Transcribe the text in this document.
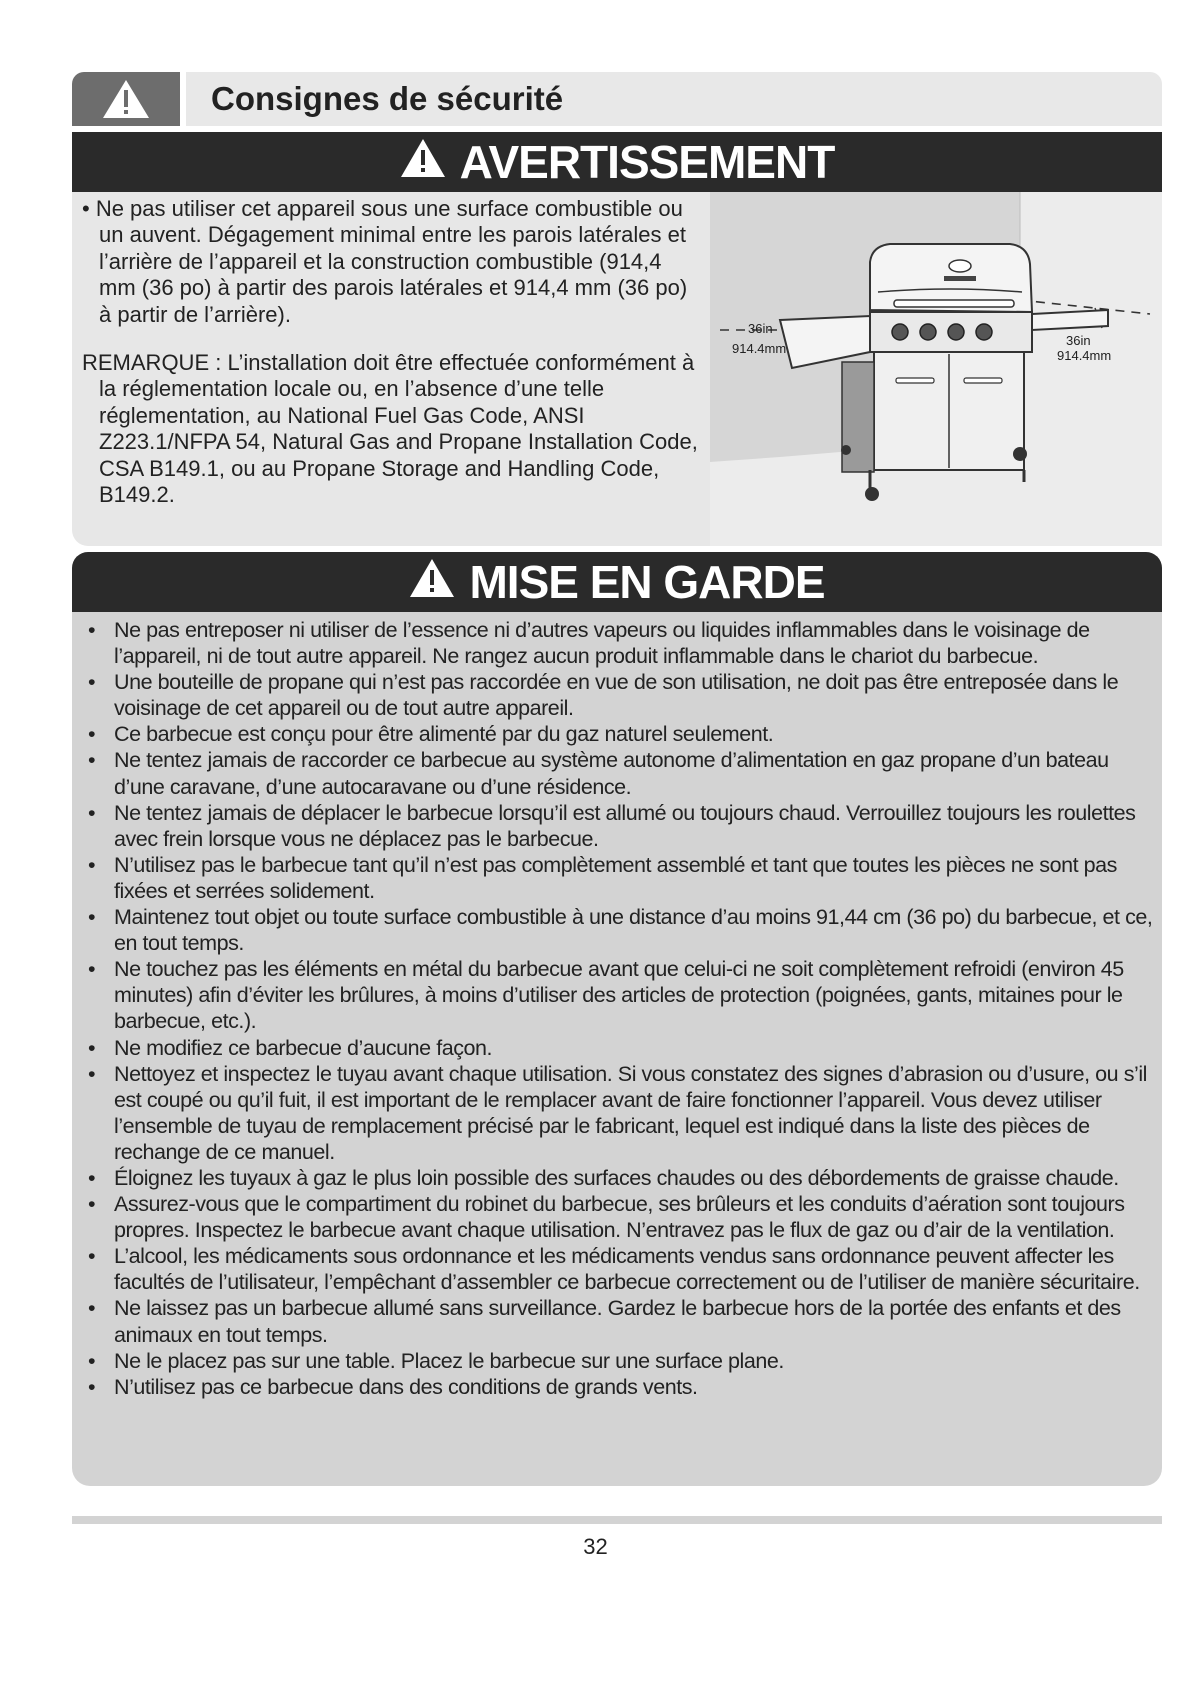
Consignes de sécurité
AVERTISSEMENT

• Ne pas utiliser cet appareil sous une surface combustible ou un auvent. Dégagement minimal entre les parois latérales et l’arrière de l’appareil et la construction combustible (914,4 mm (36 po) à partir des parois latérales et 914,4 mm (36 po) à partir de l’arrière).

REMARQUE : L’installation doit être effectuée conformément à la réglementation locale ou, en l’absence d’une telle réglementation, au National Fuel Gas Code, ANSI Z223.1/NFPA 54, Natural Gas and Propane Installation Code, CSA B149.1, ou au Propane Storage and Handling Code, B149.2.

36in
914.4mm
36in
914.4mm
MISE EN GARDE
• Ne pas entreposer ni utiliser de l’essence ni d’autres vapeurs ou liquides inflammables dans le voisinage de l’appareil, ni de tout autre appareil. Ne rangez aucun produit inflammable dans le chariot du barbecue.
• Une bouteille de propane qui n’est pas raccordée en vue de son utilisation, ne doit pas être entreposée dans le voisinage de cet appareil ou de tout autre appareil.
• Ce barbecue est conçu pour être alimenté par du gaz naturel seulement.
• Ne tentez jamais de raccorder ce barbecue au système autonome d’alimentation en gaz propane d’un bateau d’une caravane, d’une autocaravane ou d’une résidence.
• Ne tentez jamais de déplacer le barbecue lorsqu’il est allumé ou toujours chaud. Verrouillez toujours les roulettes avec frein lorsque vous ne déplacez pas le barbecue.
• N’utilisez pas le barbecue tant qu’il n’est pas complètement assemblé et tant que toutes les pièces ne sont pas fixées et serrées solidement.
• Maintenez tout objet ou toute surface combustible à une distance d’au moins 91,44 cm (36 po) du barbecue, et ce, en tout temps.
• Ne touchez pas les éléments en métal du barbecue avant que celui-ci ne soit complètement refroidi (environ 45 minutes) afin d’éviter les brûlures, à moins d’utiliser des articles de protection (poignées, gants, mitaines pour le barbecue, etc.).
• Ne modifiez ce barbecue d’aucune façon.
• Nettoyez et inspectez le tuyau avant chaque utilisation. Si vous constatez des signes d’abrasion ou d’usure, ou s’il est coupé ou qu’il fuit, il est important de le remplacer avant de faire fonctionner l’appareil. Vous devez utiliser l’ensemble de tuyau de remplacement précisé par le fabricant, lequel est indiqué dans la liste des pièces de rechange de ce manuel.
• Éloignez les tuyaux à gaz le plus loin possible des surfaces chaudes ou des débordements de graisse chaude.
• Assurez-vous que le compartiment du robinet du barbecue, ses brûleurs et les conduits d’aération sont toujours propres. Inspectez le barbecue avant chaque utilisation. N’entravez pas le flux de gaz ou d’air de la ventilation.
• L’alcool, les médicaments sous ordonnance et les médicaments vendus sans ordonnance peuvent affecter les facultés de l’utilisateur, l’empêchant d’assembler ce barbecue correctement ou de l’utiliser de manière sécuritaire.
• Ne laissez pas un barbecue allumé sans surveillance. Gardez le barbecue hors de la portée des enfants et des animaux en tout temps.
• Ne le placez pas sur une table. Placez le barbecue sur une surface plane.
• N’utilisez pas ce barbecue dans des conditions de grands vents.
32
